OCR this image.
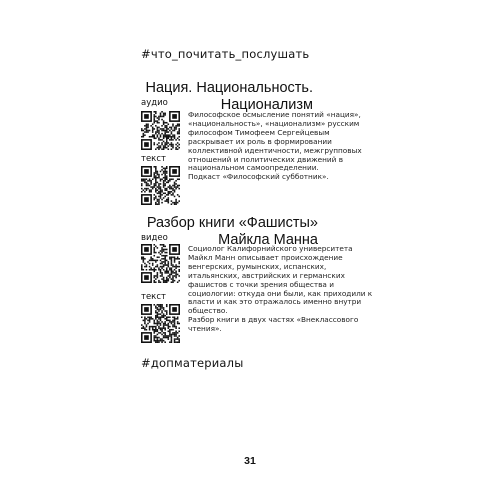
#что_почитать_послушать
Нация. Национальность.
Национализм
аудио
текст

Философское осмысление понятий «нация», «национальность», «национализм» русским философом Тимофеем Сергейцевым раскрывает их роль в формировании коллективной идентичности, межгрупповых отношений и политических движений в национальном самоопределении.

Подкаст «Философский субботник».

Разбор книги «Фашисты»
Майкла Манна
видео
текст

Социолог Калифорнийского университета Майкл Манн описывает происхождение венгерских, румынских, испанских, итальянских, австрийских и германских фашистов с точки зрения общества и социологии: откуда они были, как приходили к власти и как это отражалось именно внутри общество.

Разбор книги в двух частях «Внеклассового чтения».

#допматериалы
31
